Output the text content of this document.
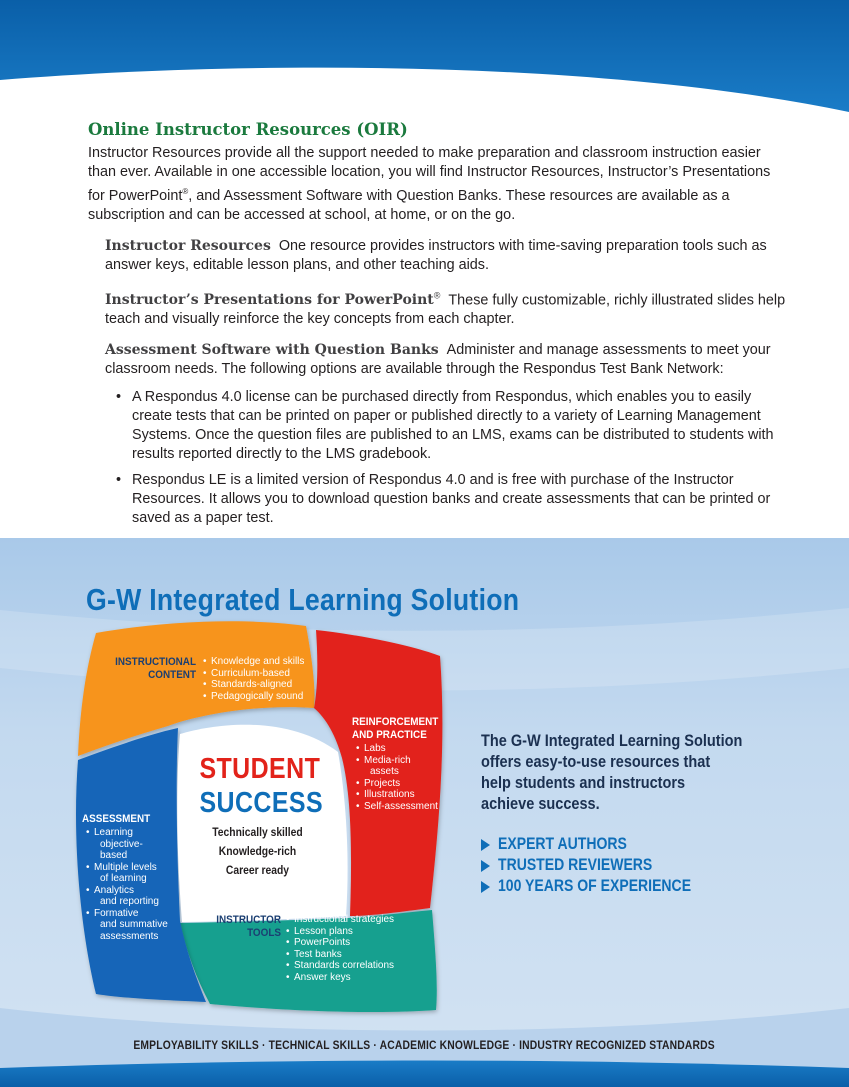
Online Instructor Resources (OIR)

Instructor Resources provide all the support needed to make preparation and classroom instruction easier than ever. Available in one accessible location, you will find Instructor Resources, Instructor’s Presentations for PowerPoint®, and Assessment Software with Question Banks. These resources are available as a subscription and can be accessed at school, at home, or on the go.

Instructor Resources One resource provides instructors with time-saving preparation tools such as answer keys, editable lesson plans, and other teaching aids.
Instructor’s Presentations for PowerPoint® These fully customizable, richly illustrated slides help teach and visually reinforce the key concepts from each chapter.
Assessment Software with Question Banks Administer and manage assessments to meet your classroom needs. The following options are available through the Respondus Test Bank Network:
• A Respondus 4.0 license can be purchased directly from Respondus, which enables you to easily create tests that can be printed on paper or published directly to a variety of Learning Management Systems. Once the question files are published to an LMS, exams can be distributed to students with results reported directly to the LMS gradebook.
• Respondus LE is a limited version of Respondus 4.0 and is free with purchase of the Instructor Resources. It allows you to download question banks and create assessments that can be printed or saved as a paper test.
G-W Integrated Learning Solution
INSTRUCTIONAL
CONTENT
• Knowledge and skills
• Curriculum-based
• Standards-aligned
• Pedagogically sound
REINFORCEMENT
AND PRACTICE
• Labs
• Media-rich
assets
• Projects
• Illustrations
• Self-assessment
ASSESSMENT
• Learning
objective-
based
• Multiple levels
of learning
• Analytics
and reporting
• Formative
and summative
assessments
INSTRUCTOR
TOOLS
• Instructional strategies
• Lesson plans
• PowerPoints
• Test banks
• Standards correlations
• Answer keys
STUDENT
SUCCESS
Technically skilled
Knowledge-rich
Career ready
The G-W Integrated Learning Solution
offers easy-to-use resources that
help students and instructors
achieve success.
EXPERT AUTHORS
TRUSTED REVIEWERS
100 YEARS OF EXPERIENCE
EMPLOYABILITY SKILLS · TECHNICAL SKILLS · ACADEMIC KNOWLEDGE · INDUSTRY RECOGNIZED STANDARDS
